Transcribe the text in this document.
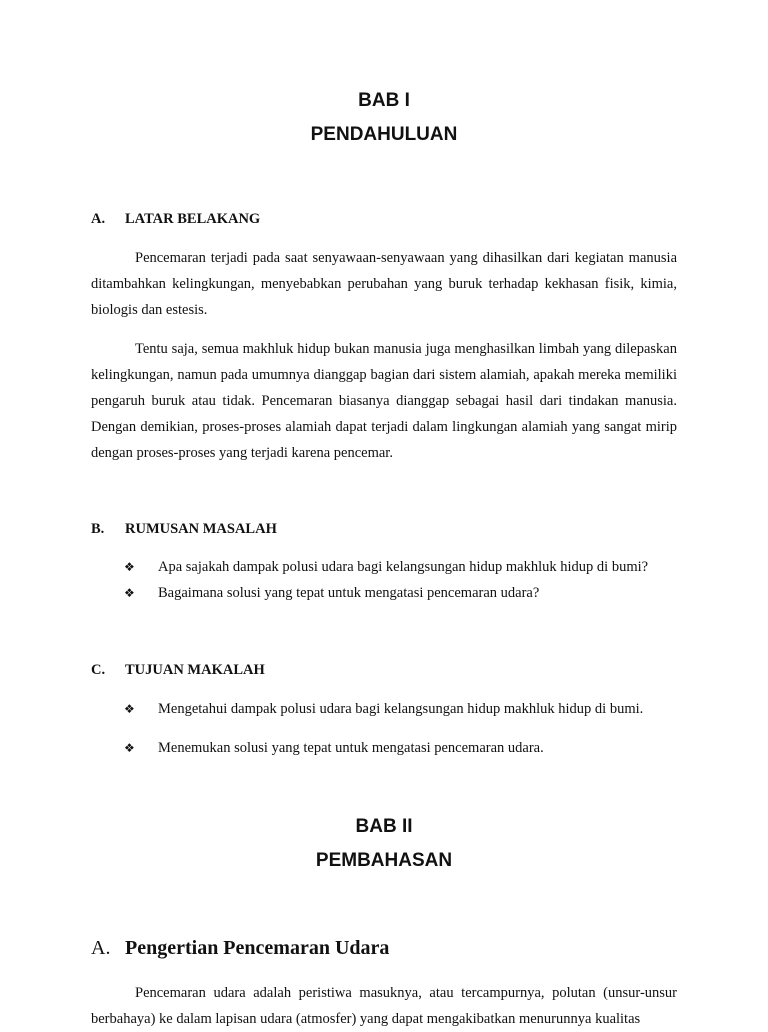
BAB I
PENDAHULUAN
A. LATAR BELAKANG

Pencemaran terjadi pada saat senyawaan-senyawaan yang dihasilkan dari kegiatan manusia ditambahkan kelingkungan, menyebabkan perubahan yang buruk terhadap kekhasan fisik, kimia, biologis dan estesis.

Tentu saja, semua makhluk hidup bukan manusia juga menghasilkan limbah yang dilepaskan kelingkungan, namun pada umumnya dianggap bagian dari sistem alamiah, apakah mereka memiliki pengaruh buruk atau tidak. Pencemaran biasanya dianggap sebagai hasil dari tindakan manusia. Dengan demikian, proses-proses alamiah dapat terjadi dalam lingkungan alamiah yang sangat mirip dengan proses-proses yang terjadi karena pencemar.

B. RUMUSAN MASALAH

❖ Apa sajakah dampak polusi udara bagi kelangsungan hidup makhluk hidup di bumi?

❖ Bagaimana solusi yang tepat untuk mengatasi pencemaran udara?

C. TUJUAN MAKALAH

❖ Mengetahui dampak polusi udara bagi kelangsungan hidup makhluk hidup di bumi.

❖ Menemukan solusi yang tepat untuk mengatasi pencemaran udara.

BAB II
PEMBAHASAN
A. Pengertian Pencemaran Udara

Pencemaran udara adalah peristiwa masuknya, atau tercampurnya, polutan (unsur-unsur berbahaya) ke dalam lapisan udara (atmosfer) yang dapat mengakibatkan menurunnya kualitas
